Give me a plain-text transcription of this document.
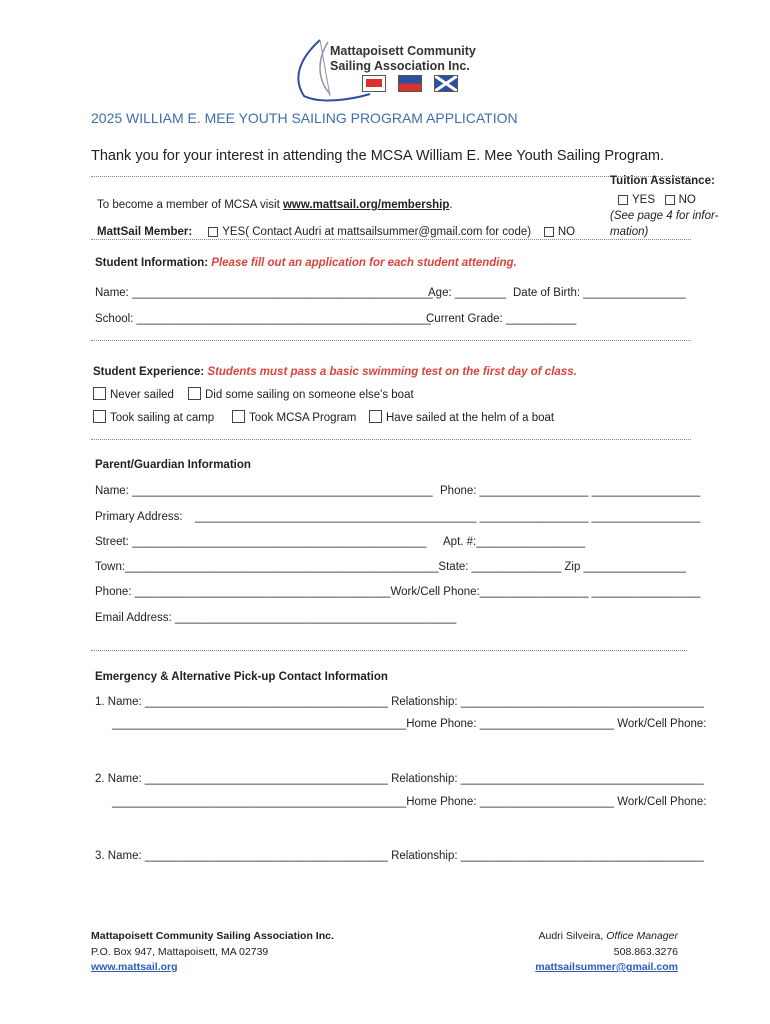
Mattapoisett Community
Sailing Association Inc.
2025 WILLIAM E. MEE YOUTH SAILING PROGRAM APPLICATION
Thank you for your interest in attending the MCSA William E. Mee Youth Sailing Program.
Tuition Assistance:
YES NO
(See page 4 for infor-
mation)
To become a member of MCSA visit www.mattsail.org/membership.
MattSail Member:	YES( Contact Audri at mattsailsummer@gmail.com for code) NO
Student Information: Please fill out an application for each student attending.
Name: _______________________________________________
Age: ________ Date of Birth: ________________
School: ______________________________________________
Current Grade: ___________
Student Experience: Students must pass a basic swimming test on the first day of class.
Never sailed	Did some sailing on someone else's boat
Took sailing at camp	Took MCSA Program	Have sailed at the helm of a boat
Parent/Guardian Information
Name: _______________________________________________ Phone: _________________ _________________
Primary Address: ____________________________________________ _________________ _________________
Street: ______________________________________________ Apt. #:_________________
Town:_________________________________________________State: ______________ Zip ________________
Phone: ________________________________________Work/Cell Phone:_________________ _________________
Email Address: ____________________________________________
Emergency & Alternative Pick-up Contact Information
1. Name: ______________________________________ Relationship: ______________________________________
______________________________________________Home Phone: _____________________ Work/Cell Phone:
2. Name: ______________________________________ Relationship: ______________________________________
______________________________________________Home Phone: _____________________ Work/Cell Phone:
3. Name: ______________________________________ Relationship: ______________________________________
Mattapoisett Community Sailing Association Inc.
P.O. Box 947, Mattapoisett, MA 02739
www.mattsail.org
Audri Silveira, Office Manager
508.863.3276
mattsailsummer@gmail.com
